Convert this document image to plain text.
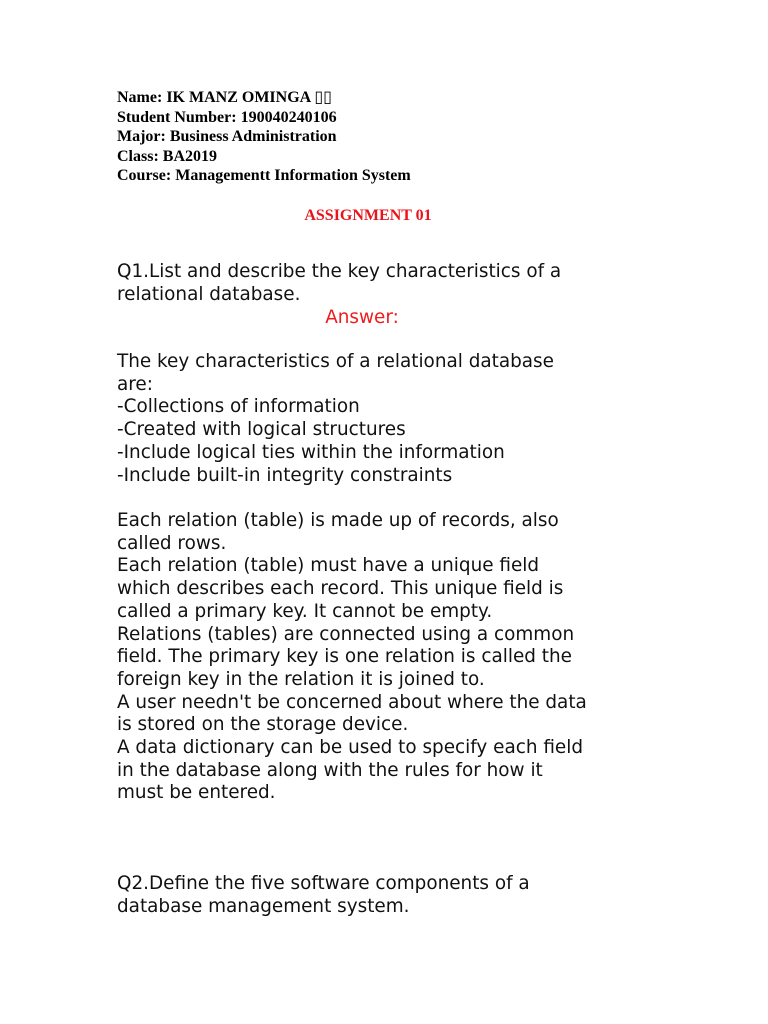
Name: IK MANZ OMINGA ▯▯
Student Number: 190040240106
Major: Business Administration
Class: BA2019
Course: Managementt Information System
ASSIGNMENT 01
Q1.List and describe the key characteristics of a
relational database.
Answer:
The key characteristics of a relational database
are:
-Collections of information
-Created with logical structures
-Include logical ties within the information
-Include built-in integrity constraints
Each relation (table) is made up of records, also
called rows.
Each relation (table) must have a unique field
which describes each record. This unique field is
called a primary key. It cannot be empty.
Relations (tables) are connected using a common
field. The primary key is one relation is called the
foreign key in the relation it is joined to.
A user needn't be concerned about where the data
is stored on the storage device.
A data dictionary can be used to specify each field
in the database along with the rules for how it
must be entered.
Q2.Define the five software components of a
database management system.
